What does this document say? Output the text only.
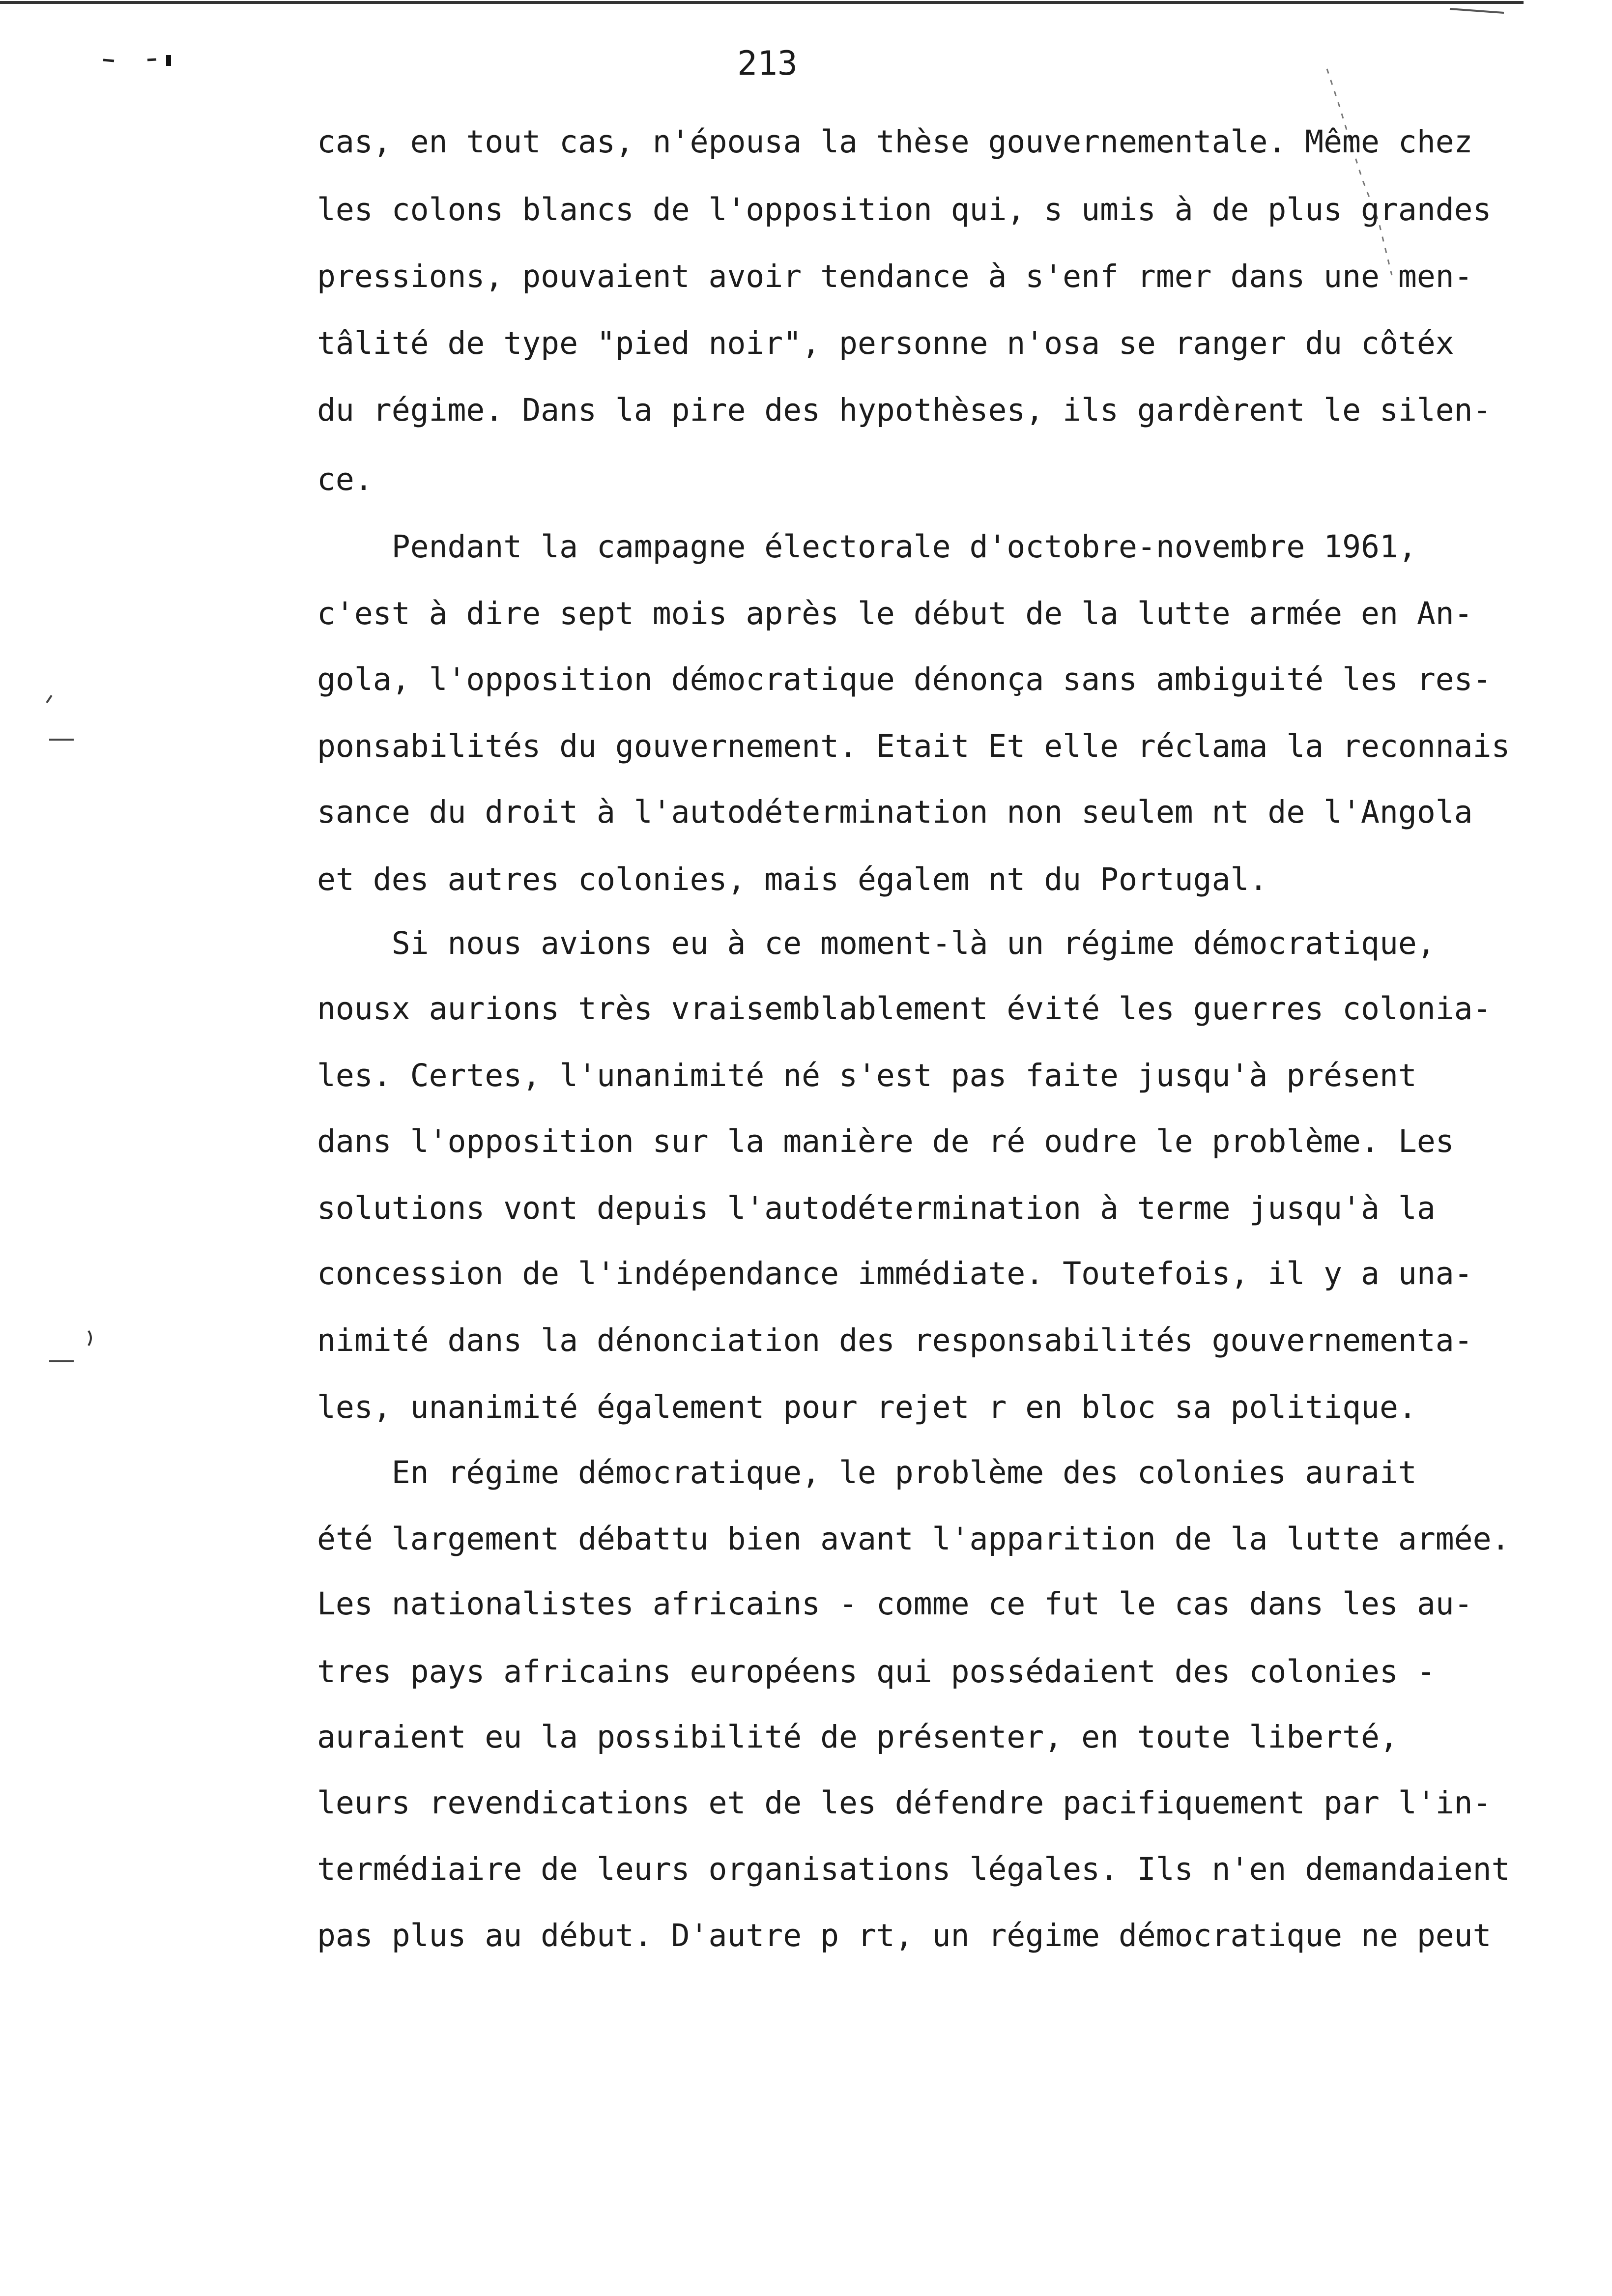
213
cas, en tout cas, n'épousa la thèse gouvernementale. Même chez
les colons blancs de l'opposition qui, s umis à de plus grandes
pressions, pouvaient avoir tendance à s'enf rmer dans une men-
tâlité de type "pied noir", personne n'osa se ranger du côtéx
du régime. Dans la pire des hypothèses, ils gardèrent le silen-
ce.
Pendant la campagne électorale d'octobre-novembre 1961,
c'est à dire sept mois après le début de la lutte armée en An-
gola, l'opposition démocratique dénonça sans ambiguité les res-
ponsabilités du gouvernement. Etait Et elle réclama la reconnais
sance du droit à l'autodétermination non seulem nt de l'Angola
et des autres colonies, mais égalem nt du Portugal.
Si nous avions eu à ce moment-là un régime démocratique,
nousx aurions très vraisemblablement évité les guerres colonia-
les. Certes, l'unanimité né s'est pas faite jusqu'à présent
dans l'opposition sur la manière de ré oudre le problème. Les
solutions vont depuis l'autodétermination à terme jusqu'à la
concession de l'indépendance immédiate. Toutefois, il y a una-
nimité dans la dénonciation des responsabilités gouvernementa-
les, unanimité également pour rejet r en bloc sa politique.
En régime démocratique, le problème des colonies aurait
été largement débattu bien avant l'apparition de la lutte armée.
Les nationalistes africains - comme ce fut le cas dans les au-
tres pays africains européens qui possédaient des colonies -
auraient eu la possibilité de présenter, en toute liberté,
leurs revendications et de les défendre pacifiquement par l'in-
termédiaire de leurs organisations légales. Ils n'en demandaient
pas plus au début. D'autre p rt, un régime démocratique ne peut
